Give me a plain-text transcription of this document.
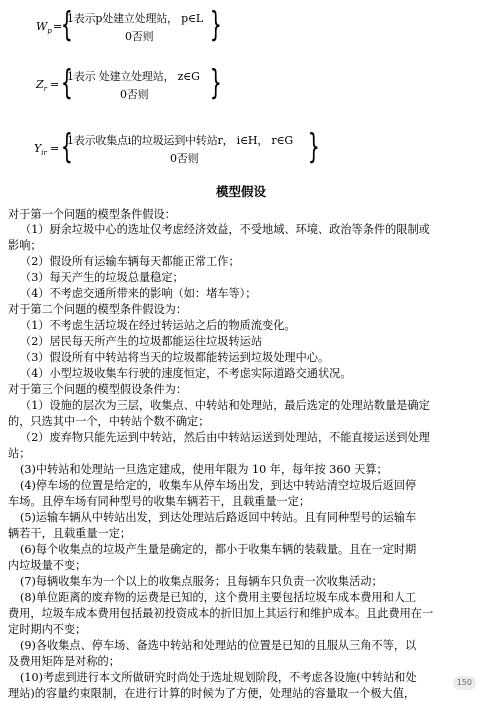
$W_p$ =
{
1表示p处建立处理站， p∈L
0否则 }
$Z_r$ = {
1表示 处建立处理站， z∈G
0否则 }
$Y_{ir}$ = {
1表示收集点i的垃圾运到中转站r， i∈H， r∈G
0否则	}
模型假设
对于第一个问题的模型条件假设：
（1）厨余垃圾中心的选址仅考虑经济效益，不受地域、环境、政治等条件的限制或
影响；
（2）假设所有运输车辆每天都能正常工作；
（3）每天产生的垃圾总量稳定；
（4）不考虑交通所带来的影响（如：堵车等）；
对于第二个问题的模型条件假设为：
（1）不考虑生活垃圾在经过转运站之后的物质流变化。
（2）居民每天所产生的垃圾都能运往垃圾转运站
（3）假设所有中转站将当天的垃圾都能转运到垃圾处理中心。
（4）小型垃圾收集车行驶的速度恒定，不考虑实际道路交通状况。
对于第三个问题的模型假设条件为：
（1）设施的层次为三层，收集点、中转站和处理站，最后选定的处理站数量是确定
的，只选其中一个，中转站个数不确定；
（2）废弃物只能先运到中转站，然后由中转站运送到处理站，不能直接运送到处理
站；
(3)中转站和处理站一旦选定建成，使用年限为 10 年，每年按 360 天算；
(4)停车场的位置是给定的，收集车从停车场出发，到达中转站清空垃圾后返回停
车场。且停车场有同种型号的收集车辆若干，且载重量一定；
(5)运输车辆从中转站出发，到达处理站后路返回中转站。且有同种型号的运输车
辆若干，且载重量一定；
(6)每个收集点的垃圾产生量是确定的，都小于收集车辆的装载量。且在一定时期
内垃圾量不变；
(7)每辆收集车为一个以上的收集点服务；且每辆车只负责一次收集活动；
(8)单位距离的废弃物的运费是已知的，这个费用主要包括垃圾车成本费用和人工
费用，垃圾车成本费用包括最初投资成本的折旧加上其运行和维护成本。且此费用在一
定时期内不变；
(9)各收集点、停车场、备选中转站和处理站的位置是已知的且服从三角不等，以
及费用矩阵是对称的；
(10)考虑到进行本文所做研究时尚处于选址规划阶段，不考虑各设施(中转站和处
理站)的容量约束限制，在进行计算的时候为了方便，处理站的容量取一个极大值，
150
